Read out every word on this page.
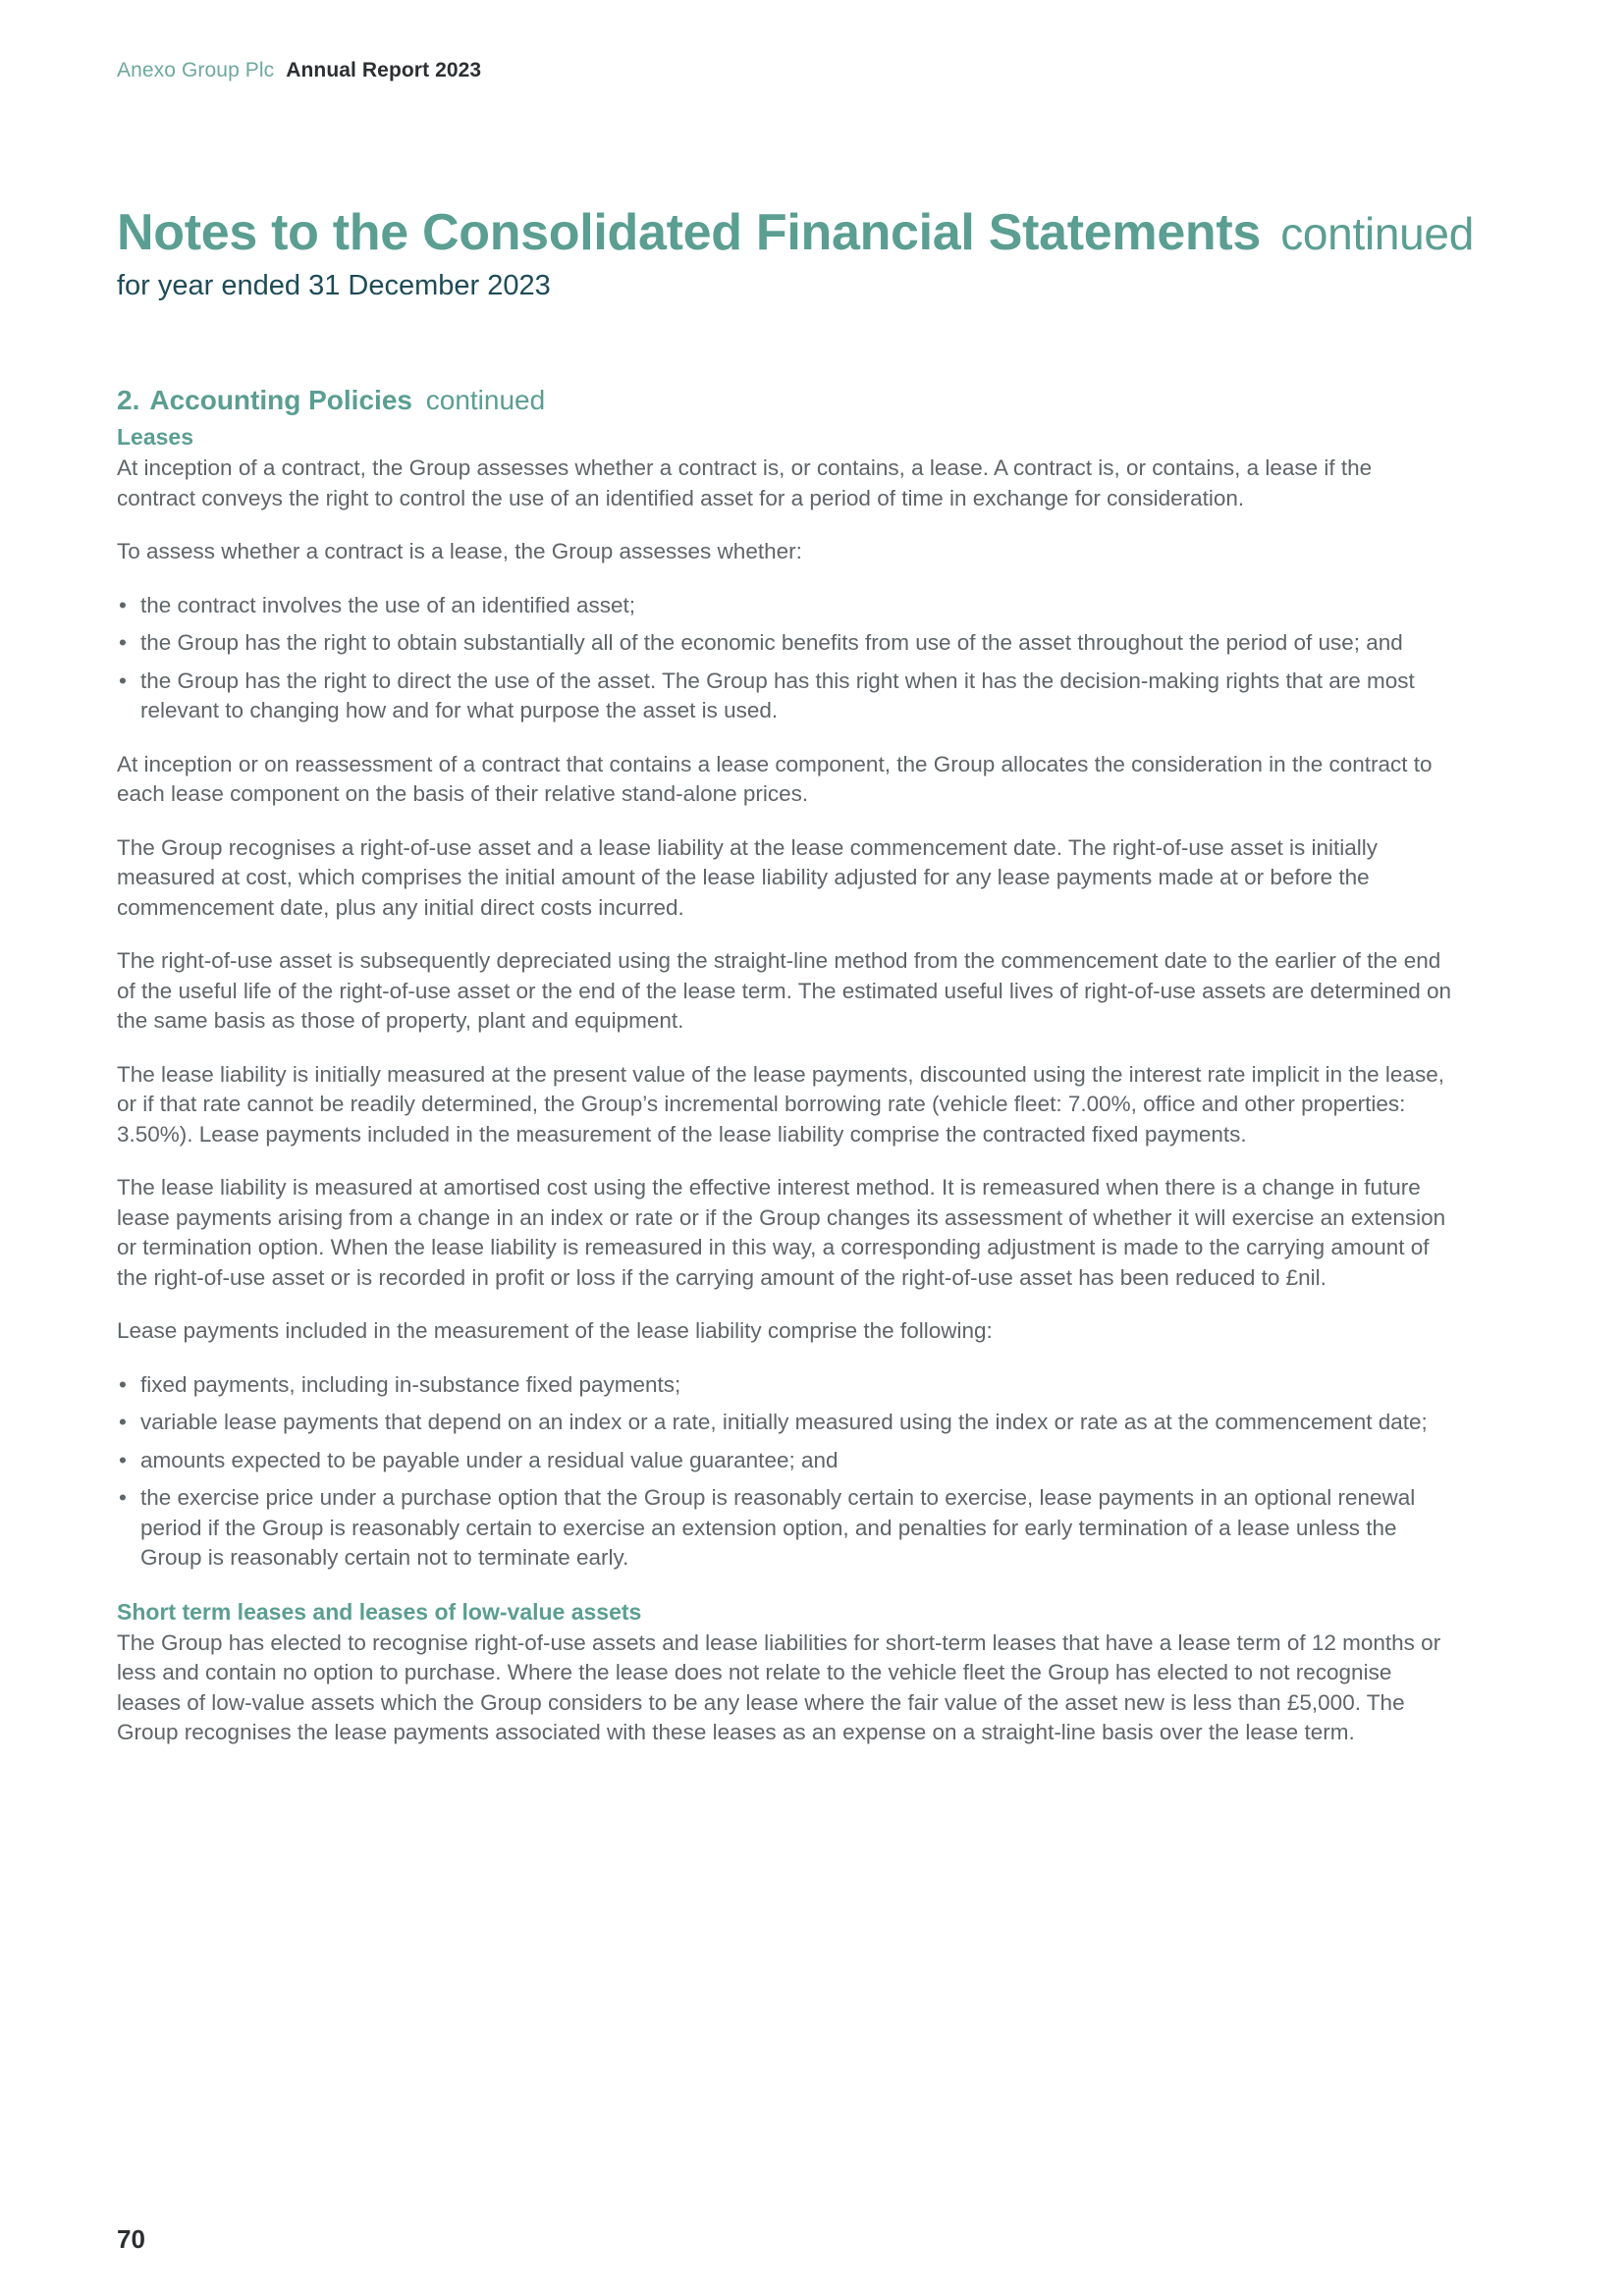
Anexo Group Plc Annual Report 2023
Notes to the Consolidated Financial Statements continued

for year ended 31 December 2023

2. Accounting Policies continued
Leases

At inception of a contract, the Group assesses whether a contract is, or contains, a lease. A contract is, or contains, a lease if the contract conveys the right to control the use of an identified asset for a period of time in exchange for consideration.

To assess whether a contract is a lease, the Group assesses whether:

• the contract involves the use of an identified asset;
• the Group has the right to obtain substantially all of the economic benefits from use of the asset throughout the period of use; and
• the Group has the right to direct the use of the asset. The Group has this right when it has the decision-making rights that are most relevant to changing how and for what purpose the asset is used.

At inception or on reassessment of a contract that contains a lease component, the Group allocates the consideration in the contract to each lease component on the basis of their relative stand-alone prices.

The Group recognises a right-of-use asset and a lease liability at the lease commencement date. The right-of-use asset is initially measured at cost, which comprises the initial amount of the lease liability adjusted for any lease payments made at or before the commencement date, plus any initial direct costs incurred.

The right-of-use asset is subsequently depreciated using the straight-line method from the commencement date to the earlier of the end of the useful life of the right-of-use asset or the end of the lease term. The estimated useful lives of right-of-use assets are determined on the same basis as those of property, plant and equipment.

The lease liability is initially measured at the present value of the lease payments, discounted using the interest rate implicit in the lease, or if that rate cannot be readily determined, the Group’s incremental borrowing rate (vehicle fleet: 7.00%, office and other properties: 3.50%). Lease payments included in the measurement of the lease liability comprise the contracted fixed payments.

The lease liability is measured at amortised cost using the effective interest method. It is remeasured when there is a change in future lease payments arising from a change in an index or rate or if the Group changes its assessment of whether it will exercise an extension or termination option. When the lease liability is remeasured in this way, a corresponding adjustment is made to the carrying amount of the right-of-use asset or is recorded in profit or loss if the carrying amount of the right-of-use asset has been reduced to £nil.

Lease payments included in the measurement of the lease liability comprise the following:

• fixed payments, including in-substance fixed payments;
• variable lease payments that depend on an index or a rate, initially measured using the index or rate as at the commencement date;
• amounts expected to be payable under a residual value guarantee; and
• the exercise price under a purchase option that the Group is reasonably certain to exercise, lease payments in an optional renewal period if the Group is reasonably certain to exercise an extension option, and penalties for early termination of a lease unless the Group is reasonably certain not to terminate early.
Short term leases and leases of low-value assets

The Group has elected to recognise right-of-use assets and lease liabilities for short-term leases that have a lease term of 12 months or less and contain no option to purchase. Where the lease does not relate to the vehicle fleet the Group has elected to not recognise leases of low-value assets which the Group considers to be any lease where the fair value of the asset new is less than £5,000. The Group recognises the lease payments associated with these leases as an expense on a straight-line basis over the lease term.

70
